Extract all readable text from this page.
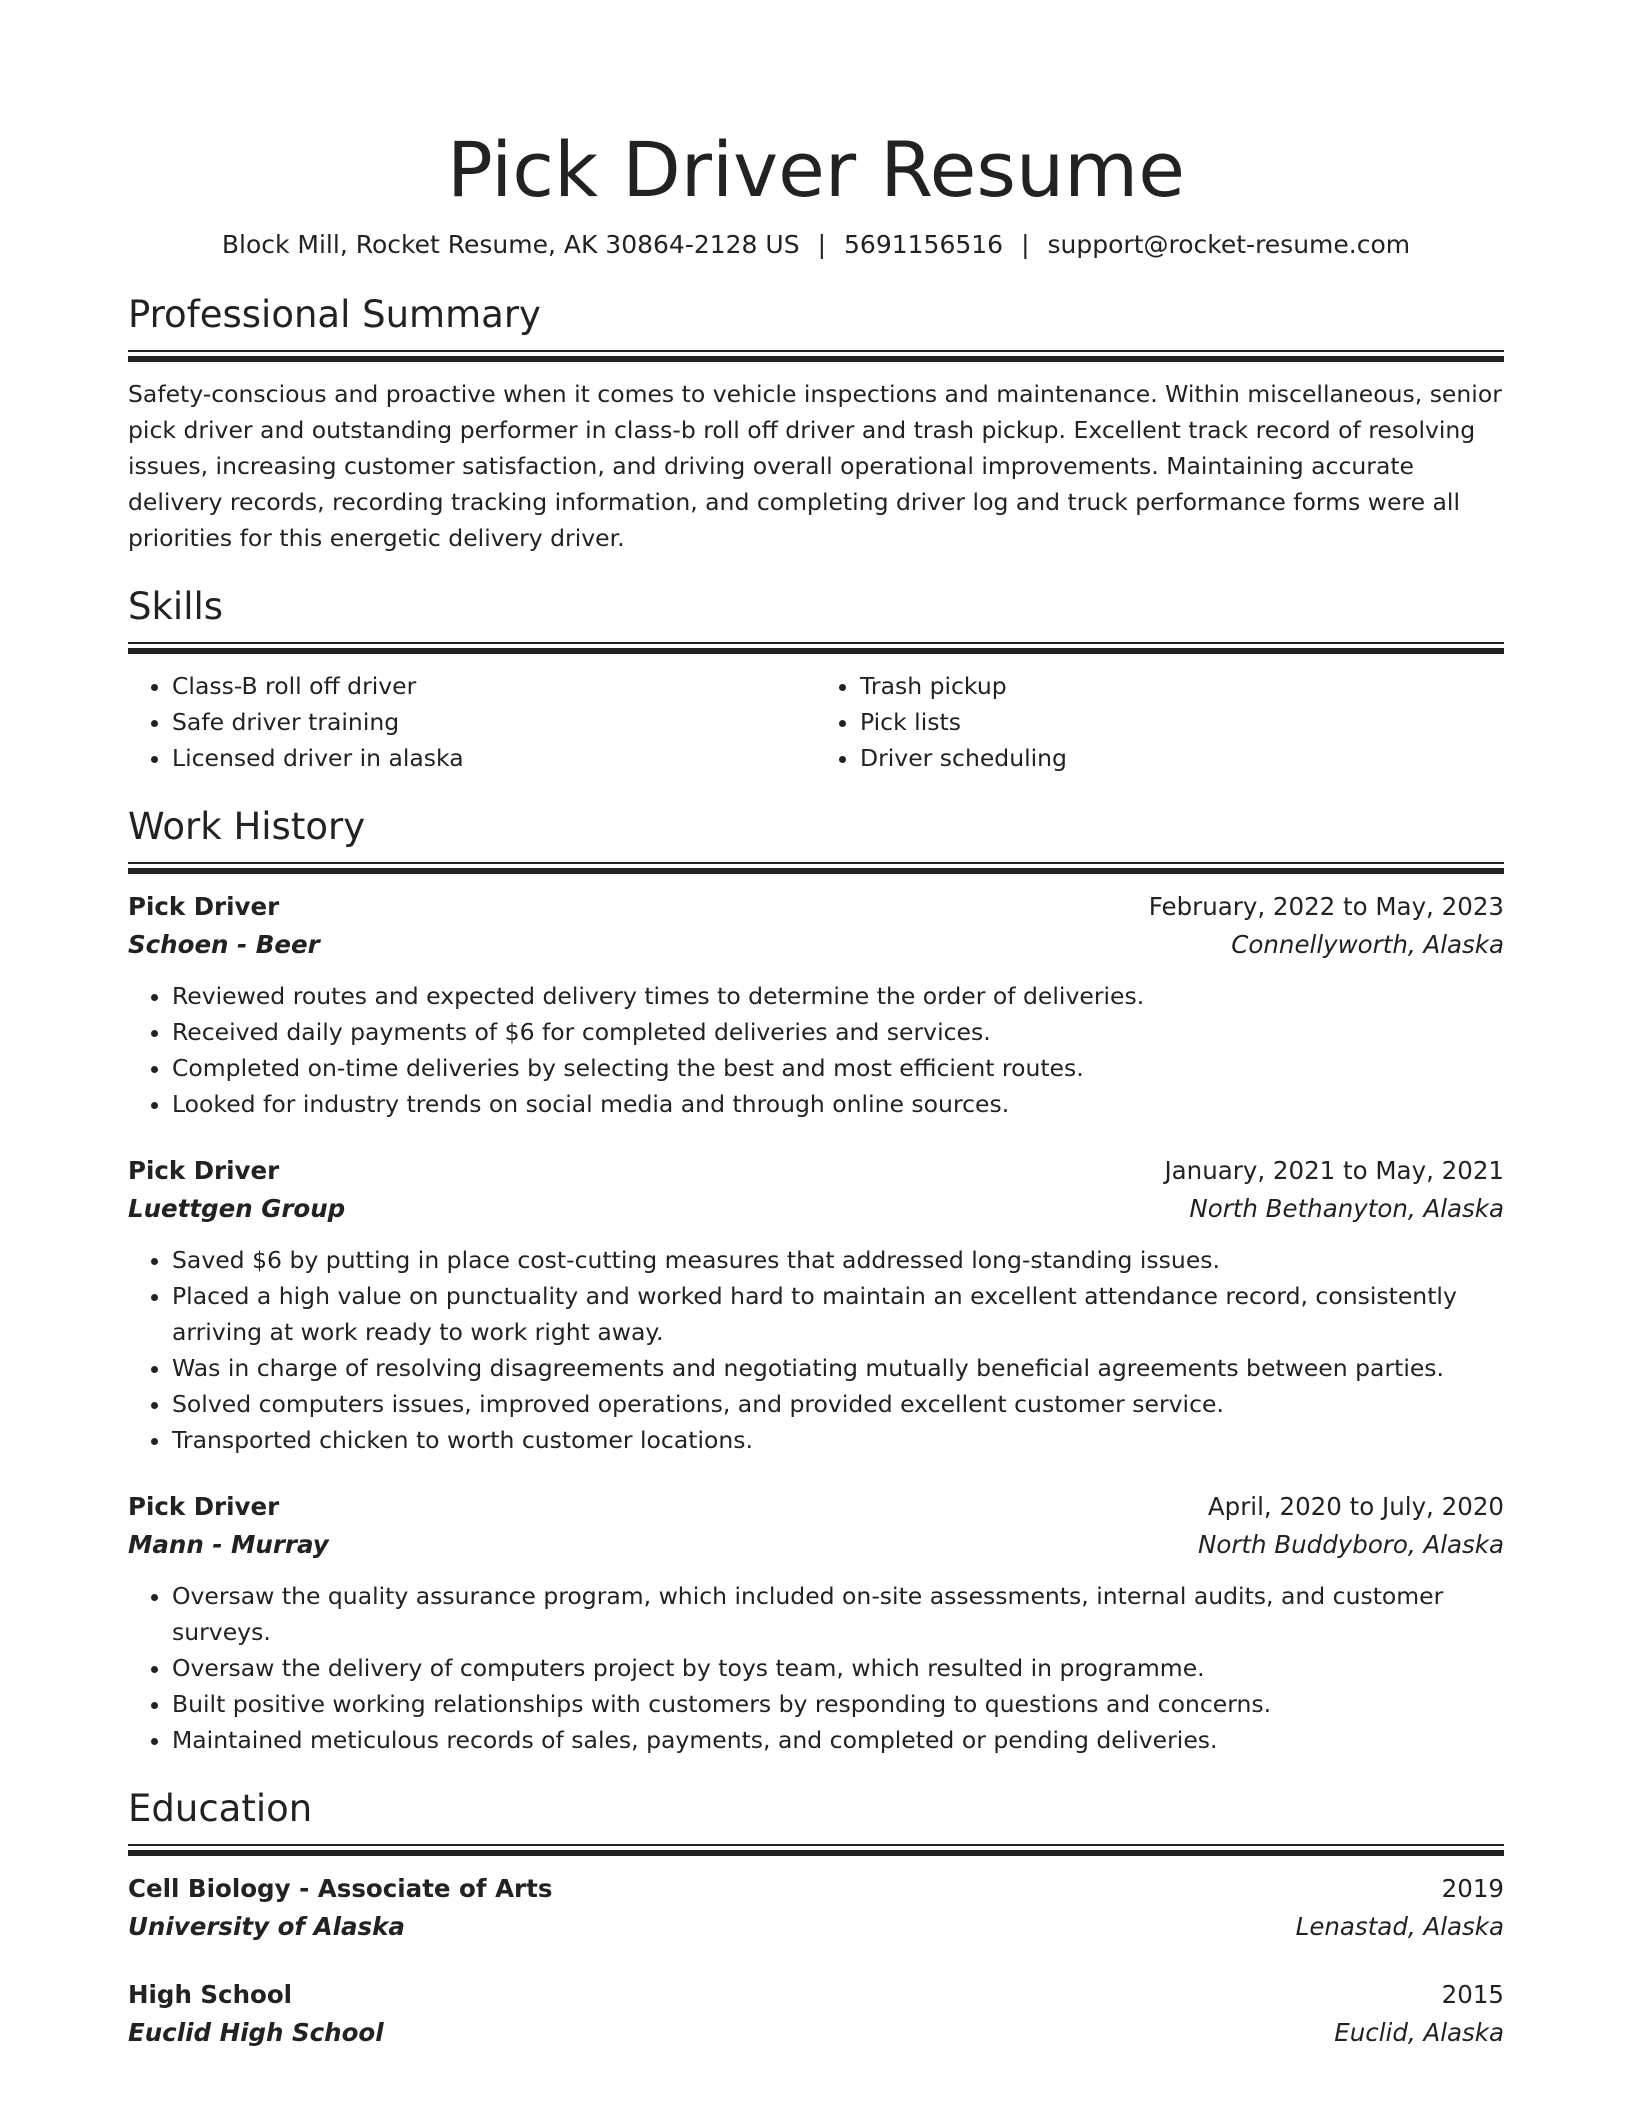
Pick Driver Resume
Block Mill, Rocket Resume, AK 30864-2128 US | 5691156516 | support@rocket-resume.com
Professional Summary
Safety-conscious and proactive when it comes to vehicle inspections and maintenance. Within miscellaneous, senior pick driver and outstanding performer in class-b roll off driver and trash pickup. Excellent track record of resolving issues, increasing customer satisfaction, and driving overall operational improvements. Maintaining accurate delivery records, recording tracking information, and completing driver log and truck performance forms were all priorities for this energetic delivery driver.
Skills
• Class-B roll off driver
• Safe driver training
• Licensed driver in alaska
• Trash pickup
• Pick lists
• Driver scheduling
Work History
Pick Driver	February, 2022 to May, 2023
Schoen - Beer	Connellyworth, Alaska
• Reviewed routes and expected delivery times to determine the order of deliveries.
• Received daily payments of $6 for completed deliveries and services.
• Completed on-time deliveries by selecting the best and most efficient routes.
• Looked for industry trends on social media and through online sources.
Pick Driver	January, 2021 to May, 2021
Luettgen Group	North Bethanyton, Alaska
• Saved $6 by putting in place cost-cutting measures that addressed long-standing issues.
• Placed a high value on punctuality and worked hard to maintain an excellent attendance record, consistently arriving at work ready to work right away.
• Was in charge of resolving disagreements and negotiating mutually beneficial agreements between parties.
• Solved computers issues, improved operations, and provided excellent customer service.
• Transported chicken to worth customer locations.
Pick Driver	April, 2020 to July, 2020
Mann - Murray	North Buddyboro, Alaska
• Oversaw the quality assurance program, which included on-site assessments, internal audits, and customer surveys.
• Oversaw the delivery of computers project by toys team, which resulted in programme.
• Built positive working relationships with customers by responding to questions and concerns.
• Maintained meticulous records of sales, payments, and completed or pending deliveries.
Education
Cell Biology - Associate of Arts	2019
University of Alaska	Lenastad, Alaska
High School	2015
Euclid High School	Euclid, Alaska
